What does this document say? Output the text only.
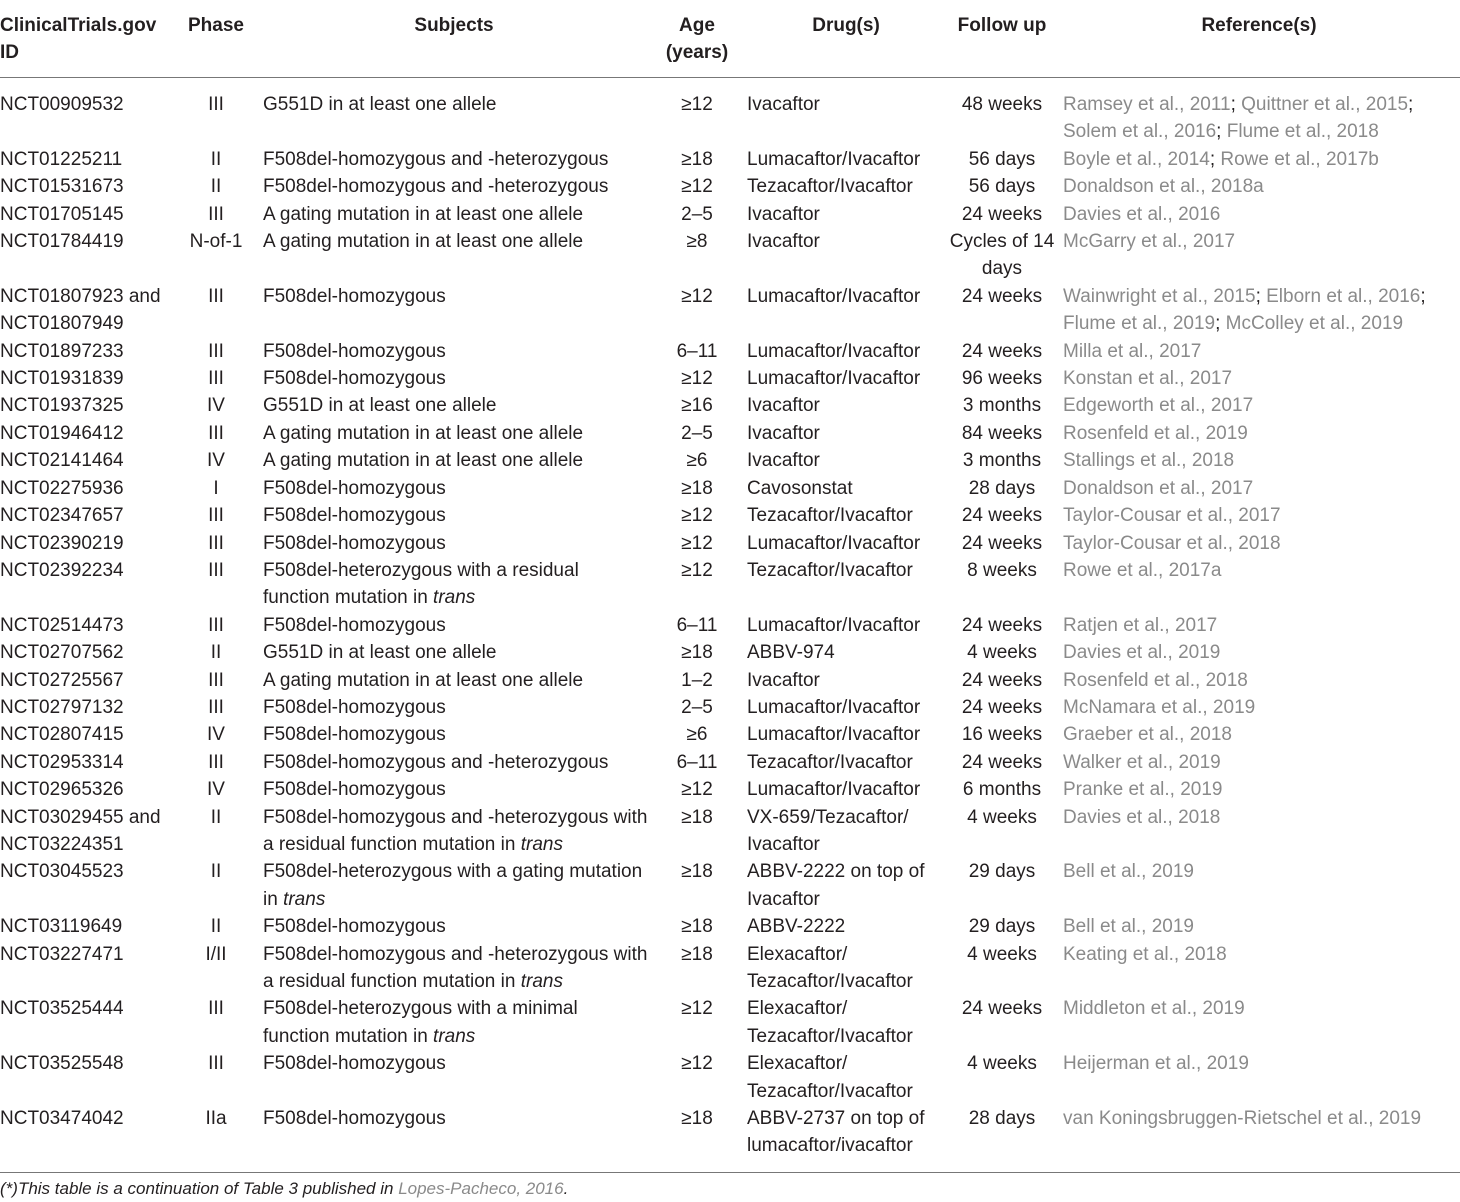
ClinicalTrials.gov ID	Phase	Subjects	Age (years)	Drug(s)	Follow up	Reference(s)
NCT00909532	III	G551D in at least one allele	≥12	Ivacaftor	48 weeks	Ramsey et al., 2011; Quittner et al., 2015; Solem et al., 2016; Flume et al., 2018
NCT01225211	II	F508del-homozygous and -heterozygous	≥18	Lumacaftor/Ivacaftor	56 days	Boyle et al., 2014; Rowe et al., 2017b
NCT01531673	II	F508del-homozygous and -heterozygous	≥12	Tezacaftor/Ivacaftor	56 days	Donaldson et al., 2018a
NCT01705145	III	A gating mutation in at least one allele	2–5	Ivacaftor	24 weeks	Davies et al., 2016
NCT01784419	N-of-1	A gating mutation in at least one allele	≥8	Ivacaftor	Cycles of 14 days	McGarry et al., 2017
NCT01807923 and NCT01807949	III	F508del-homozygous	≥12	Lumacaftor/Ivacaftor	24 weeks	Wainwright et al., 2015; Elborn et al., 2016; Flume et al., 2019; McColley et al., 2019
NCT01897233	III	F508del-homozygous	6–11	Lumacaftor/Ivacaftor	24 weeks	Milla et al., 2017
NCT01931839	III	F508del-homozygous	≥12	Lumacaftor/Ivacaftor	96 weeks	Konstan et al., 2017
NCT01937325	IV	G551D in at least one allele	≥16	Ivacaftor	3 months	Edgeworth et al., 2017
NCT01946412	III	A gating mutation in at least one allele	2–5	Ivacaftor	84 weeks	Rosenfeld et al., 2019
NCT02141464	IV	A gating mutation in at least one allele	≥6	Ivacaftor	3 months	Stallings et al., 2018
NCT02275936	I	F508del-homozygous	≥18	Cavosonstat	28 days	Donaldson et al., 2017
NCT02347657	III	F508del-homozygous	≥12	Tezacaftor/Ivacaftor	24 weeks	Taylor-Cousar et al., 2017
NCT02390219	III	F508del-homozygous	≥12	Lumacaftor/Ivacaftor	24 weeks	Taylor-Cousar et al., 2018
NCT02392234	III	F508del-heterozygous with a residual function mutation in trans	≥12	Tezacaftor/Ivacaftor	8 weeks	Rowe et al., 2017a
NCT02514473	III	F508del-homozygous	6–11	Lumacaftor/Ivacaftor	24 weeks	Ratjen et al., 2017
NCT02707562	II	G551D in at least one allele	≥18	ABBV-974	4 weeks	Davies et al., 2019
NCT02725567	III	A gating mutation in at least one allele	1–2	Ivacaftor	24 weeks	Rosenfeld et al., 2018
NCT02797132	III	F508del-homozygous	2–5	Lumacaftor/Ivacaftor	24 weeks	McNamara et al., 2019
NCT02807415	IV	F508del-homozygous	≥6	Lumacaftor/Ivacaftor	16 weeks	Graeber et al., 2018
NCT02953314	III	F508del-homozygous and -heterozygous	6–11	Tezacaftor/Ivacaftor	24 weeks	Walker et al., 2019
NCT02965326	IV	F508del-homozygous	≥12	Lumacaftor/Ivacaftor	6 months	Pranke et al., 2019
NCT03029455 and NCT03224351	II	F508del-homozygous and -heterozygous with a residual function mutation in trans	≥18	VX-659/Tezacaftor/ Ivacaftor	4 weeks	Davies et al., 2018
NCT03045523	II	F508del-heterozygous with a gating mutation in trans	≥18	ABBV-2222 on top of Ivacaftor	29 days	Bell et al., 2019
NCT03119649	II	F508del-homozygous	≥18	ABBV-2222	29 days	Bell et al., 2019
NCT03227471	I/II	F508del-homozygous and -heterozygous with a residual function mutation in trans	≥18	Elexacaftor/ Tezacaftor/Ivacaftor	4 weeks	Keating et al., 2018
NCT03525444	III	F508del-heterozygous with a minimal function mutation in trans	≥12	Elexacaftor/ Tezacaftor/Ivacaftor	24 weeks	Middleton et al., 2019
NCT03525548	III	F508del-homozygous	≥12	Elexacaftor/ Tezacaftor/Ivacaftor	4 weeks	Heijerman et al., 2019
NCT03474042	IIa	F508del-homozygous	≥18	ABBV-2737 on top of lumacaftor/ivacaftor	28 days	van Koningsbruggen-Rietschel et al., 2019
(*)This table is a continuation of Table 3 published in Lopes-Pacheco, 2016.
